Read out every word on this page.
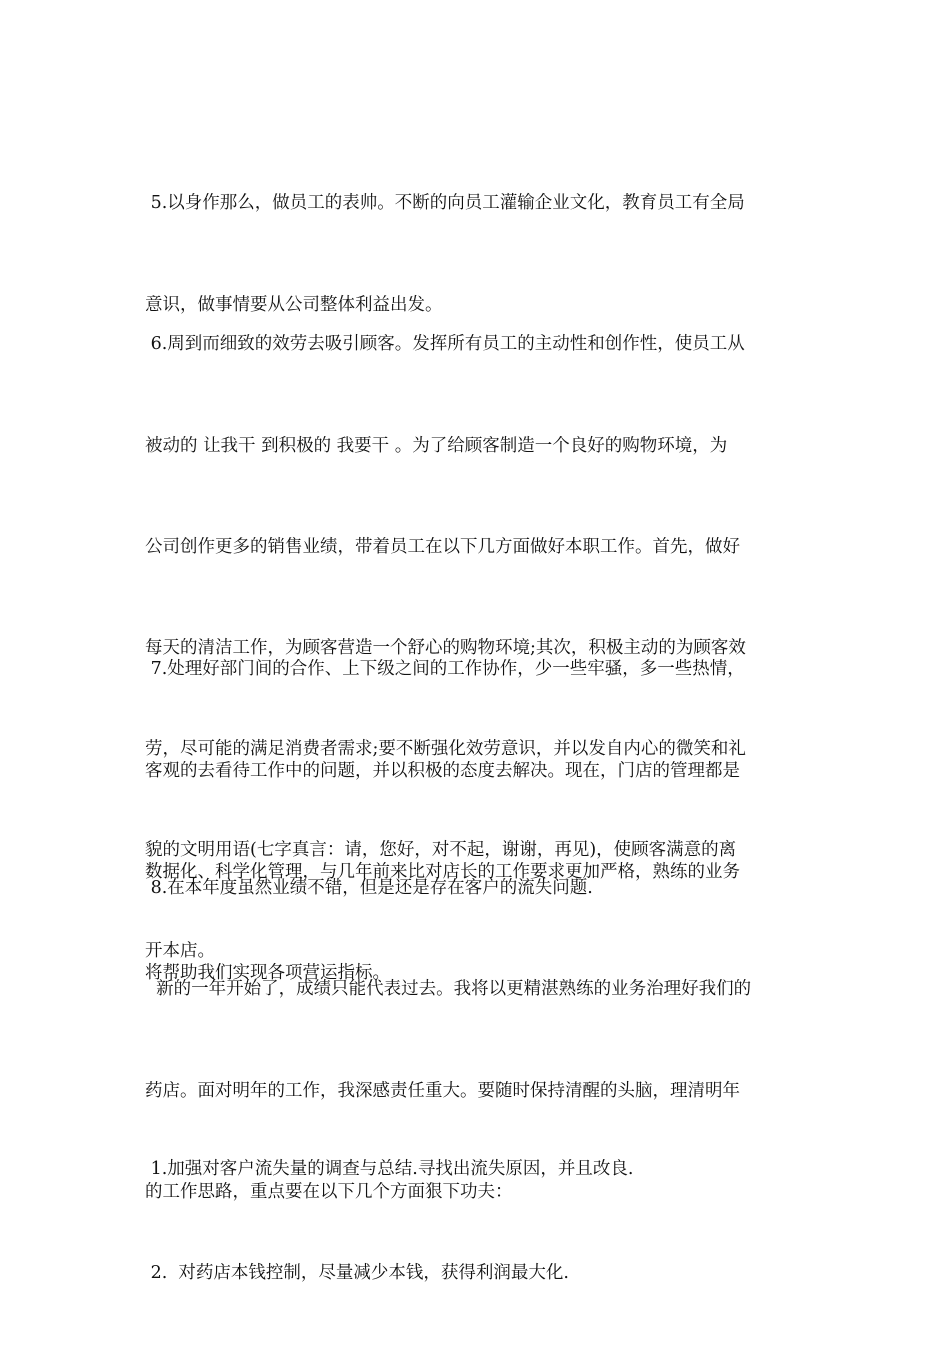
5.以身作那么，做员工的表帅。不断的向员工灌输企业文化，教育员工有全局

意识，做事情要从公司整体利益出发。

6.周到而细致的效劳去吸引顾客。发挥所有员工的主动性和创作性，使员工从

被动的 让我干 到积极的 我要干 。为了给顾客制造一个良好的购物环境，为

公司创作更多的销售业绩，带着员工在以下几方面做好本职工作。首先，做好

每天的清洁工作，为顾客营造一个舒心的购物环境;其次，积极主动的为顾客效

劳，尽可能的满足消费者需求;要不断强化效劳意识，并以发自内心的微笑和礼

貌的文明用语(七字真言：请，您好，对不起，谢谢，再见)，使顾客满意的离

开本店。

7.处理好部门间的合作、上下级之间的工作协作，少一些牢骚，多一些热情，

客观的去看待工作中的问题，并以积极的态度去解决。现在，门店的管理都是

数据化、科学化管理，与几年前来比对店长的工作要求更加严格，熟练的业务

将帮助我们实现各项营运指标。

8.在本年度虽然业绩不错，但是还是存在客户的流失问题.

新的一年开始了，成绩只能代表过去。我将以更精湛熟练的业务治理好我们的

药店。面对明年的工作，我深感责任重大。要随时保持清醒的头脑，理清明年

的工作思路，重点要在以下几个方面狠下功夫：

1.加强对客户流失量的调查与总结.寻找出流失原因，并且改良.

2.  对药店本钱控制，尽量减少本钱，获得利润最大化.
